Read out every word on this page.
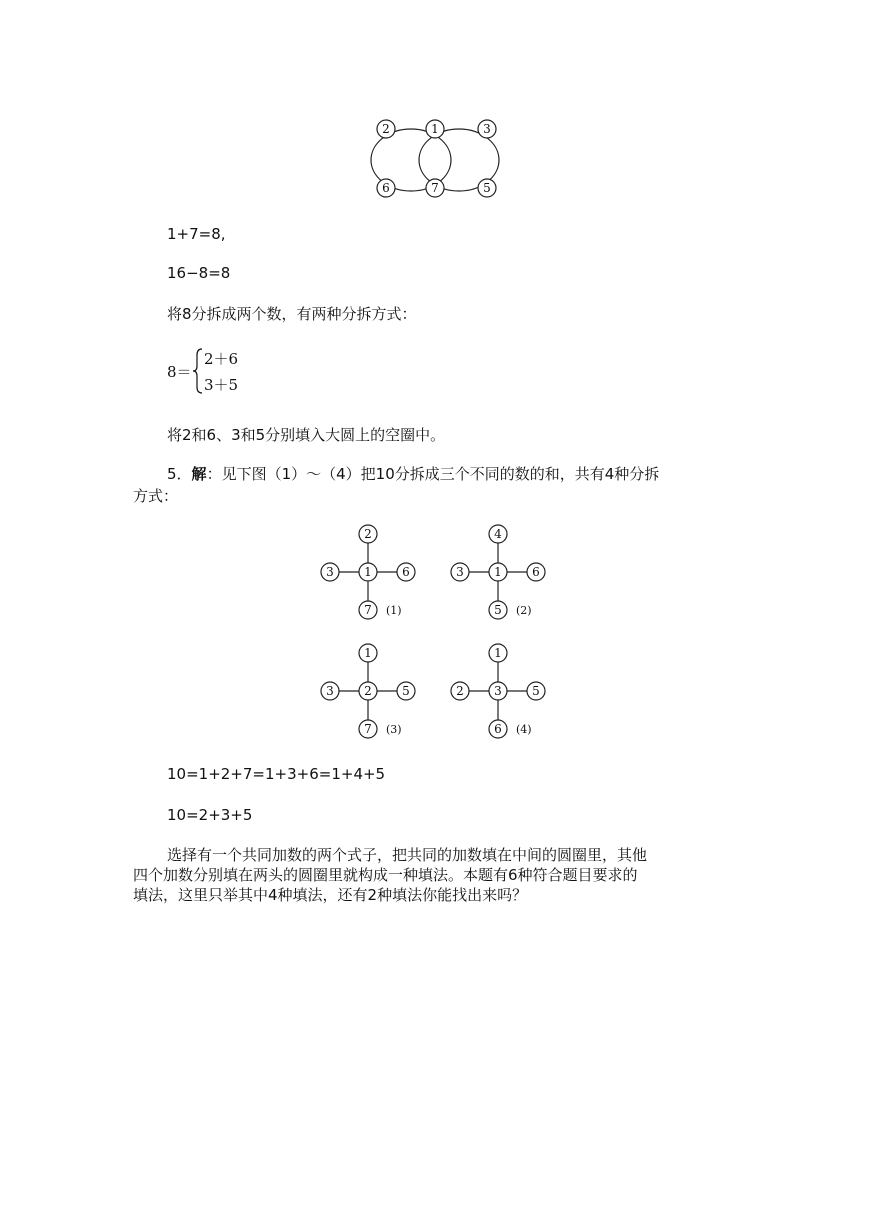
2	1	3
6	7	5
1+7=8,
16−8=8
将8分拆成两个数，有两种分拆方式：
8＝
2＋6
3＋5
将2和6、3和5分别填入大圆上的空圈中。
5．解：见下图（1）～（4）把10分拆成三个不同的数的和，共有4种分拆
方式：
2
3	1	6
7 (1)
4
3	1	6
5 (2)
1
3	2	5
7 (3)
1
2	3	5
6 (4)
10=1+2+7=1+3+6=1+4+5
10=2+3+5
选择有一个共同加数的两个式子，把共同的加数填在中间的圆圈里，其他
四个加数分别填在两头的圆圈里就构成一种填法。本题有6种符合题目要求的
填法，这里只举其中4种填法，还有2种填法你能找出来吗？
